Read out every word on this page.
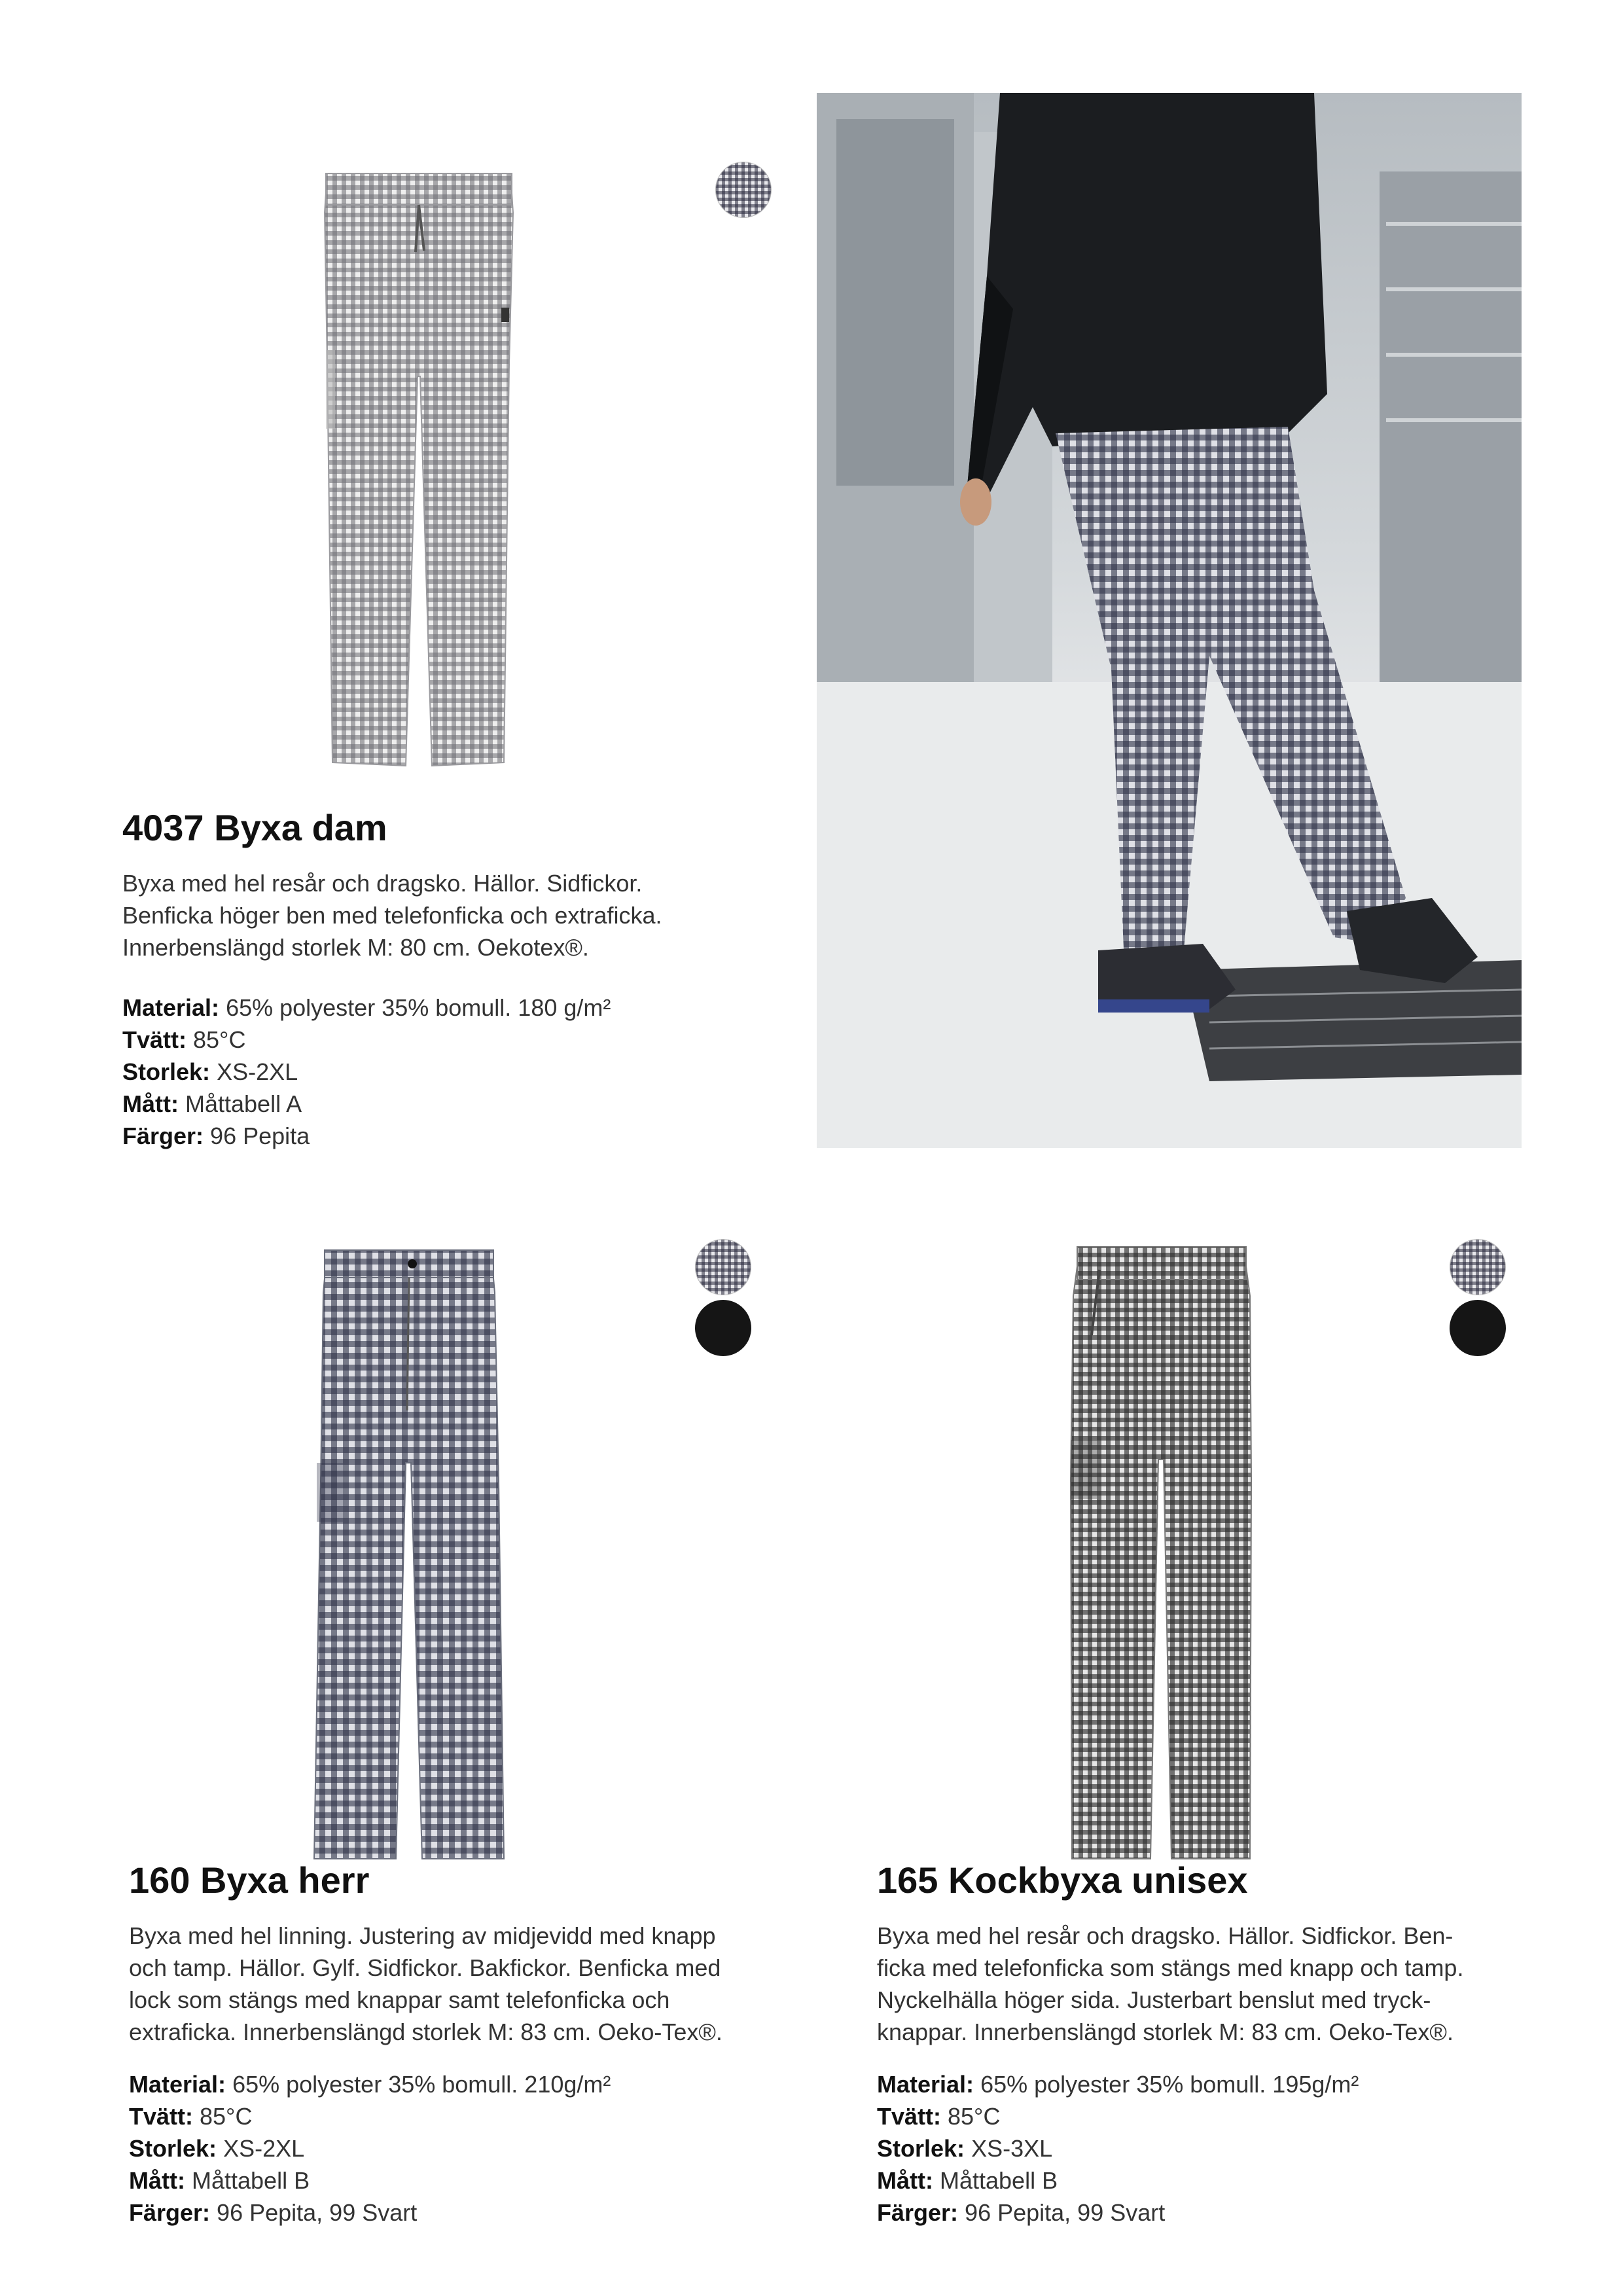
4037 Byxa dam

Byxa med hel resår och dragsko. Hällor. Sidfickor.
Benficka höger ben med telefonficka och extraficka.
Innerbenslängd storlek M: 80 cm. Oekotex®.

Material: 65% polyester 35% bomull. 180 g/m²
Tvätt: 85°C
Storlek: XS-2XL
Mått: Måttabell A
Färger: 96 Pepita
160 Byxa herr

Byxa med hel linning. Justering av midjevidd med knapp
och tamp. Hällor. Gylf. Sidfickor. Bakfickor. Benficka med
lock som stängs med knappar samt telefonficka och
extraficka. Innerbenslängd storlek M: 83 cm. Oeko-Tex®.

Material: 65% polyester 35% bomull. 210g/m²
Tvätt: 85°C
Storlek: XS-2XL
Mått: Måttabell B
Färger: 96 Pepita, 99 Svart
165 Kockbyxa unisex

Byxa med hel resår och dragsko. Hällor. Sidfickor. Ben-
ficka med telefonficka som stängs med knapp och tamp.
Nyckelhälla höger sida. Justerbart benslut med tryck-
knappar. Innerbenslängd storlek M: 83 cm. Oeko-Tex®.

Material: 65% polyester 35% bomull. 195g/m²
Tvätt: 85°C
Storlek: XS-3XL
Mått: Måttabell B
Färger: 96 Pepita, 99 Svart
